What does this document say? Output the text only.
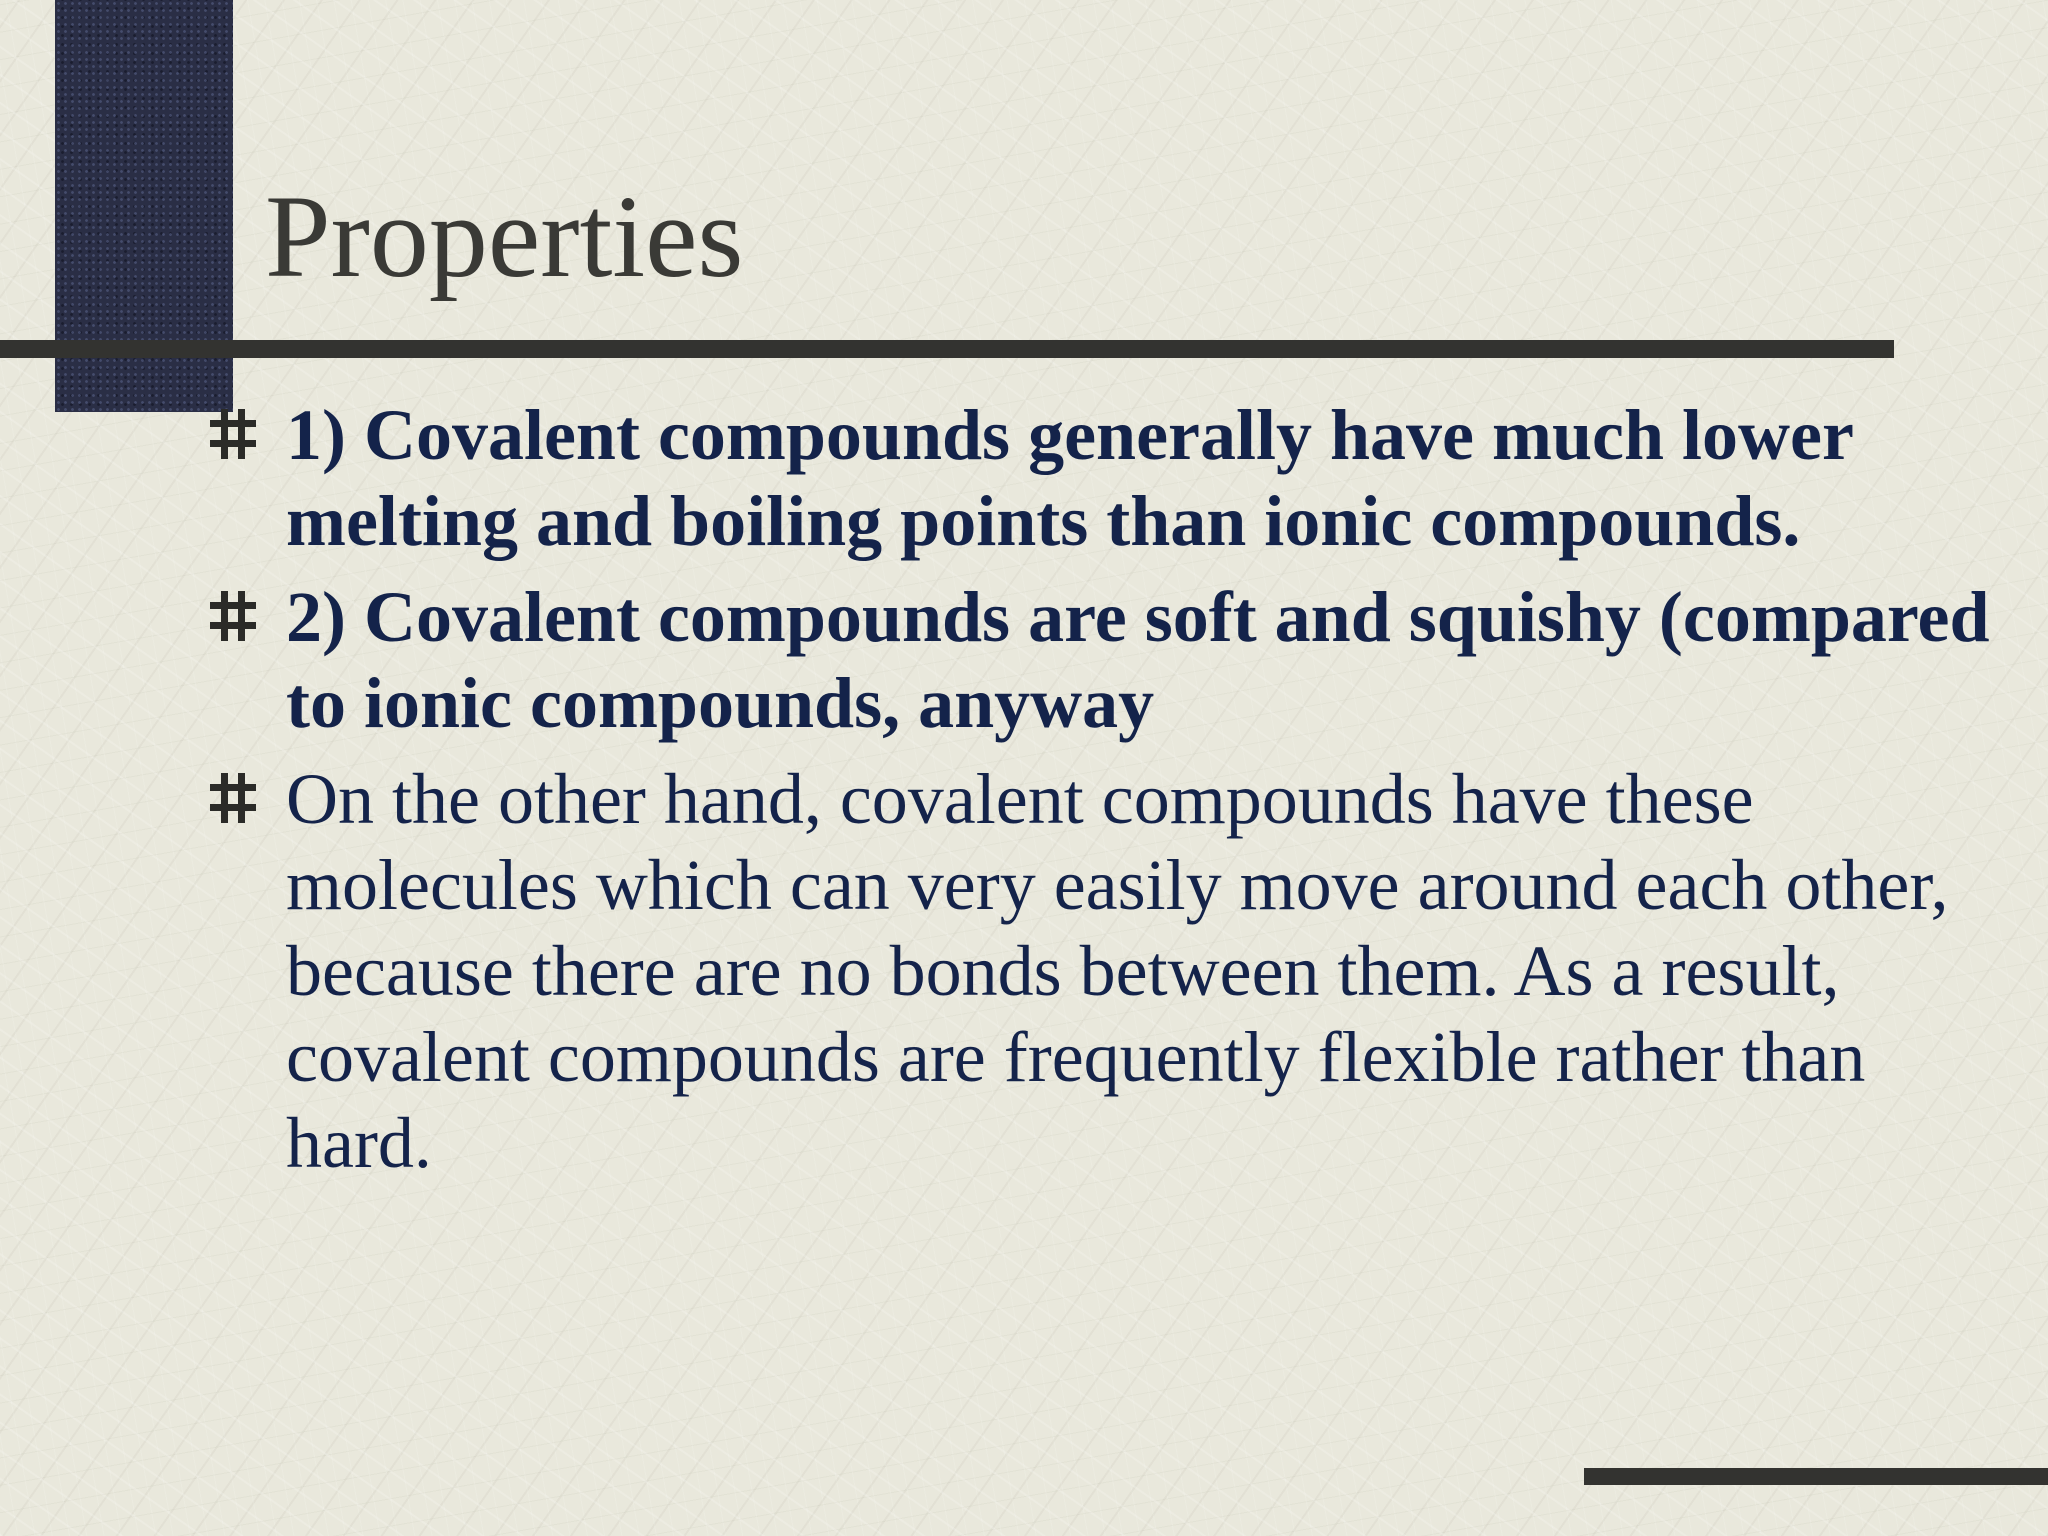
Properties
1) Covalent compounds generally have much lower melting and boiling points than ionic compounds.
2) Covalent compounds are soft and squishy (compared to ionic compounds, anyway
On the other hand, covalent compounds have these molecules which can very easily move around each other, because there are no bonds between them. As a result, covalent compounds are frequently flexible rather than hard.
